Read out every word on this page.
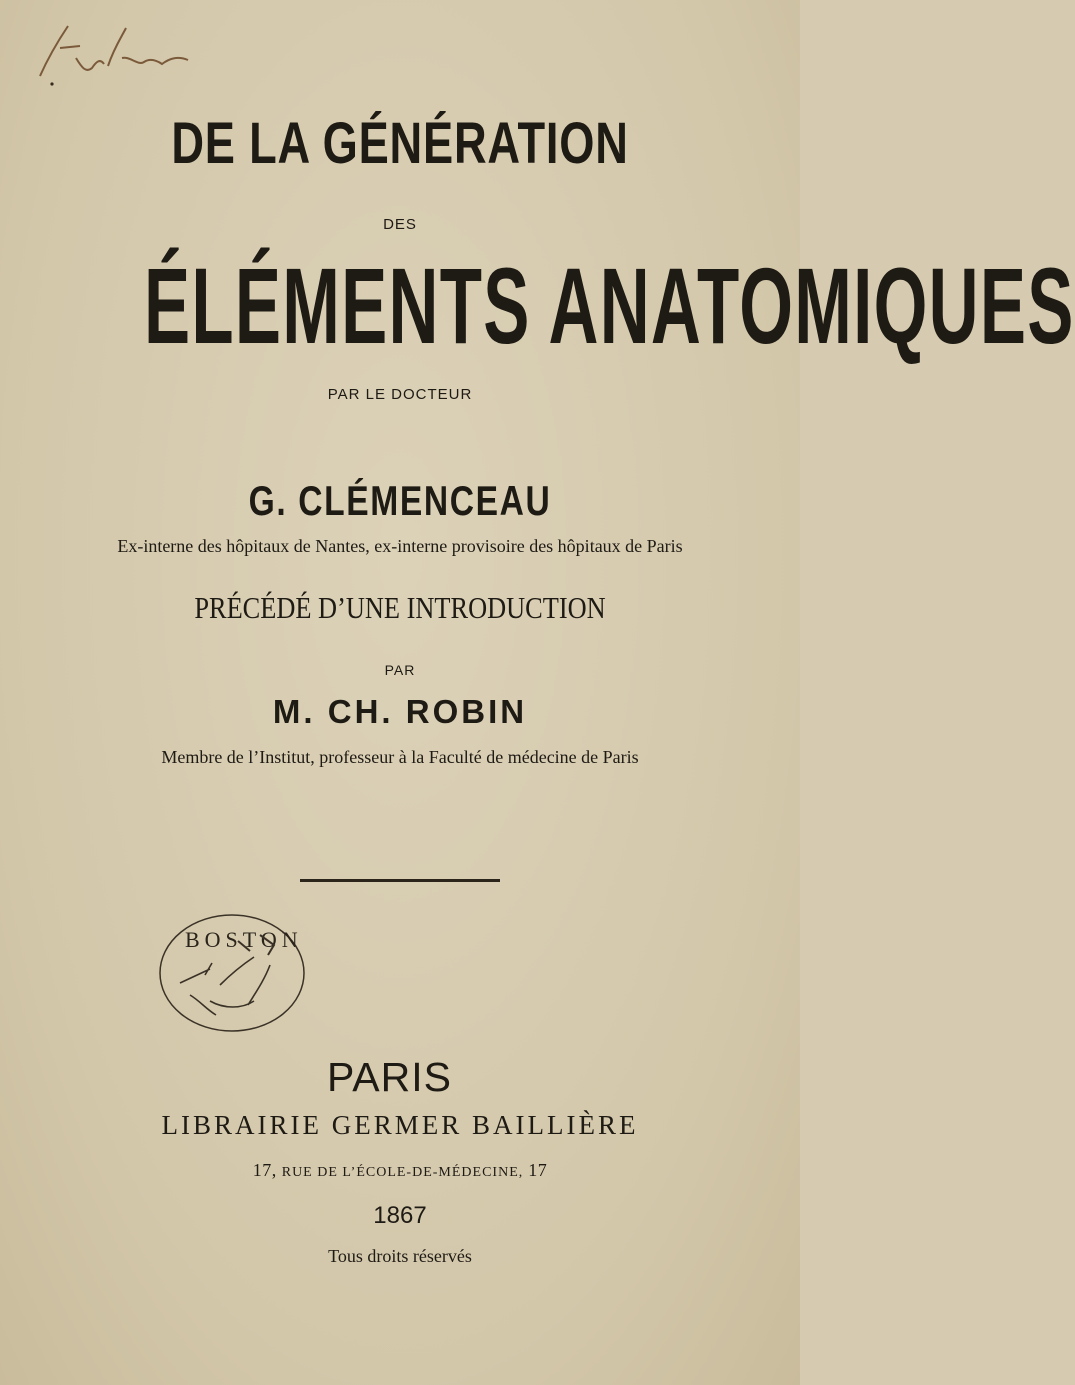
DE LA GÉNÉRATION
DES
ÉLÉMENTS ANATOMIQUES
PAR LE DOCTEUR
G. CLÉMENCEAU
Ex-interne des hôpitaux de Nantes, ex-interne provisoire des hôpitaux de Paris
PRÉCÉDÉ D’UNE INTRODUCTION
PAR
M. CH. ROBIN
Membre de l’Institut, professeur à la Faculté de médecine de Paris
BOSTON
PARIS
LIBRAIRIE GERMER BAILLIÈRE
17, RUE DE L’ÉCOLE-DE-MÉDECINE, 17
1867
Tous droits réservés
